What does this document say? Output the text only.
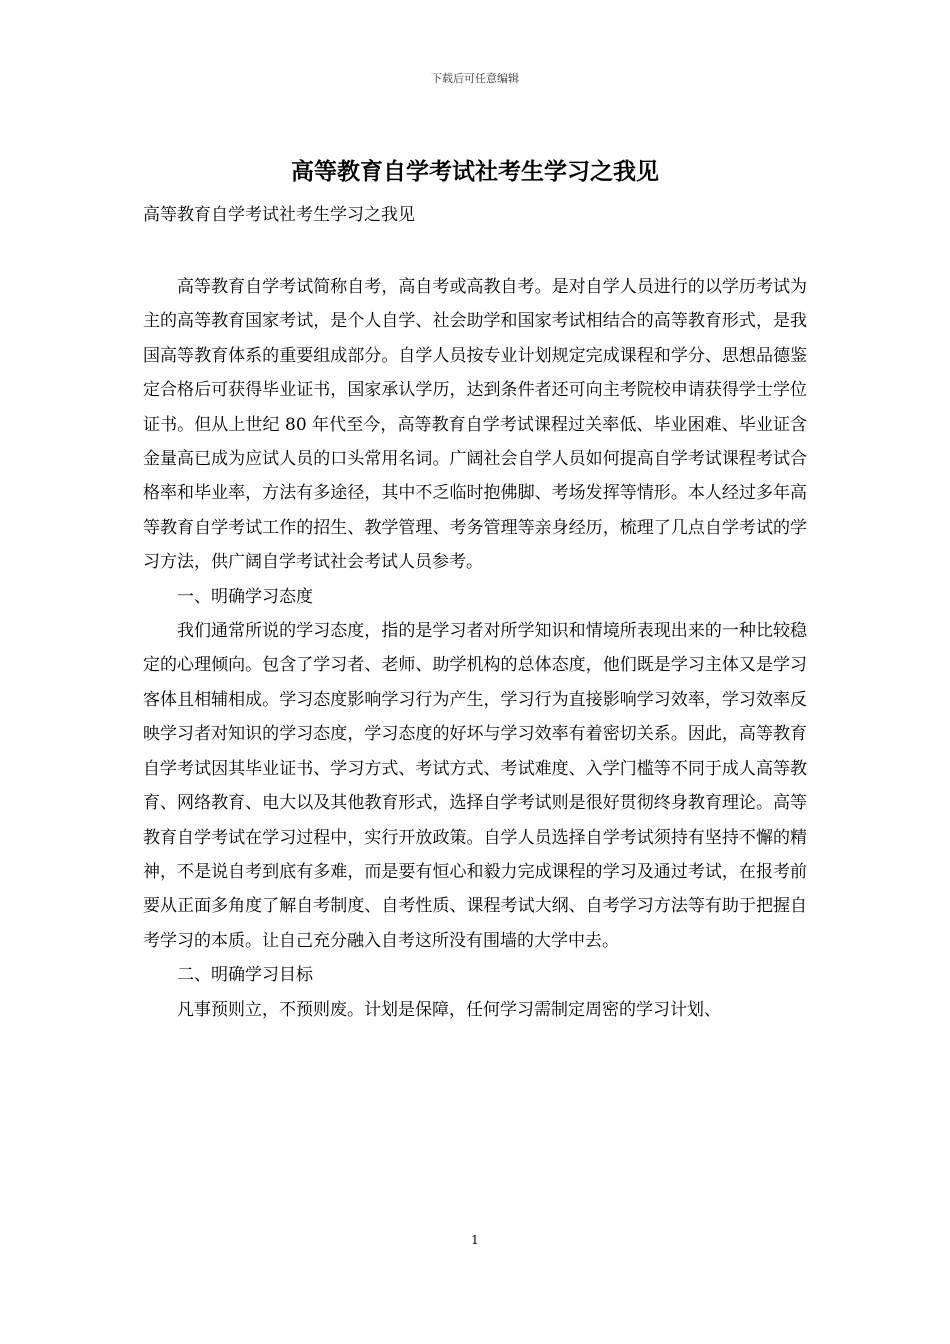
下载后可任意编辑
高等教育自学考试社考生学习之我见
高等教育自学考试社考生学习之我见

高等教育自学考试简称自考，高自考或高教自考。是对自学人员进行的以学历考试为主的高等教育国家考试，是个人自学、社会助学和国家考试相结合的高等教育形式，是我国高等教育体系的重要组成部分。自学人员按专业计划规定完成课程和学分、思想品德鉴定合格后可获得毕业证书，国家承认学历，达到条件者还可向主考院校申请获得学士学位证书。但从上世纪 80 年代至今，高等教育自学考试课程过关率低、毕业困难、毕业证含金量高已成为应试人员的口头常用名词。广阔社会自学人员如何提高自学考试课程考试合格率和毕业率，方法有多途径，其中不乏临时抱佛脚、考场发挥等情形。本人经过多年高等教育自学考试工作的招生、教学管理、考务管理等亲身经历，梳理了几点自学考试的学习方法，供广阔自学考试社会考试人员参考。

一、明确学习态度

我们通常所说的学习态度，指的是学习者对所学知识和情境所表现出来的一种比较稳定的心理倾向。包含了学习者、老师、助学机构的总体态度，他们既是学习主体又是学习客体且相辅相成。学习态度影响学习行为产生，学习行为直接影响学习效率，学习效率反映学习者对知识的学习态度，学习态度的好坏与学习效率有着密切关系。因此，高等教育自学考试因其毕业证书、学习方式、考试方式、考试难度、入学门槛等不同于成人高等教育、网络教育、电大以及其他教育形式，选择自学考试则是很好贯彻终身教育理论。高等教育自学考试在学习过程中，实行开放政策。自学人员选择自学考试须持有坚持不懈的精神，不是说自考到底有多难，而是要有恒心和毅力完成课程的学习及通过考试，在报考前要从正面多角度了解自考制度、自考性质、课程考试大纲、自考学习方法等有助于把握自考学习的本质。让自己充分融入自考这所没有围墙的大学中去。

二、明确学习目标

凡事预则立，不预则废。计划是保障，任何学习需制定周密的学习计划、

1
